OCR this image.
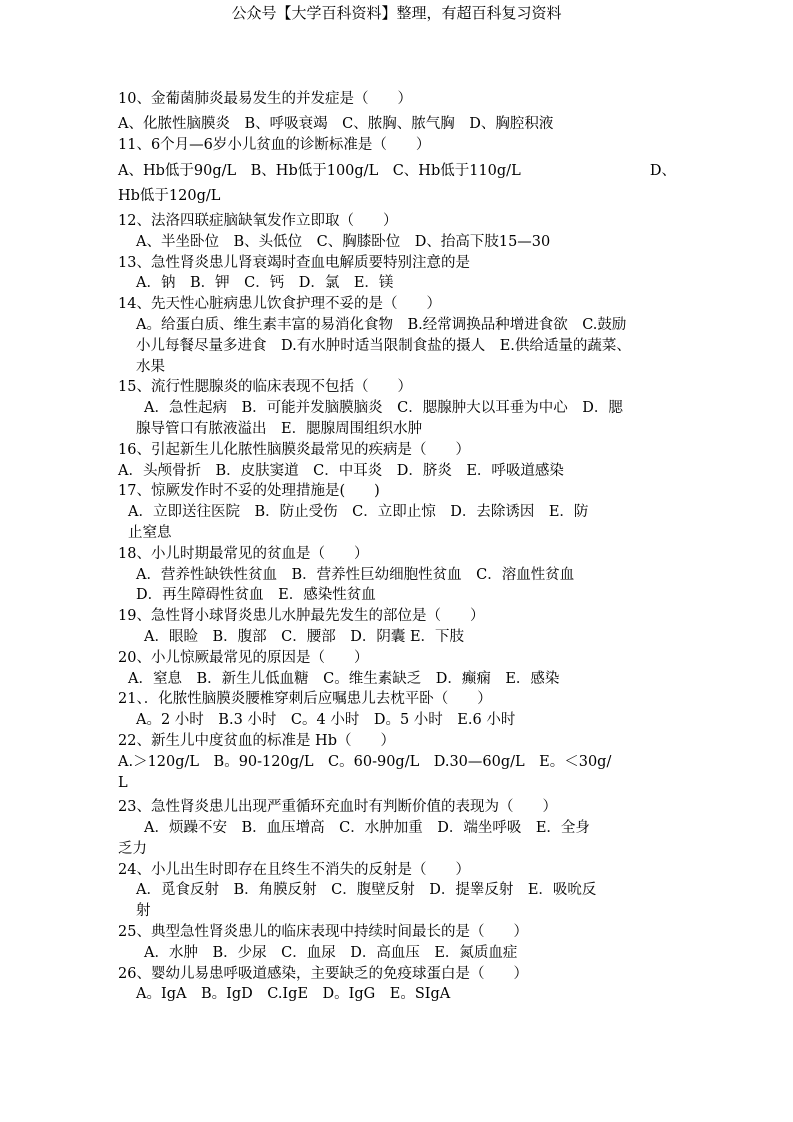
公众号【大学百科资料】整理，有超百科复习资料
10、金葡菌肺炎最易发生的并发症是（　　）
A、化脓性脑膜炎　B、呼吸衰竭　C、脓胸、脓气胸　D、胸腔积液
11、6个月—6岁小儿贫血的诊断标准是（　　）
A、Hb低于90g/L　B、Hb低于100g/L　C、Hb低于110g/L	D、
Hb低于120g/L
12、法洛四联症脑缺氧发作立即取（　　）
A、半坐卧位　B、头低位　C、胸膝卧位　D、抬高下肢15—30
13、急性肾炎患儿肾衰竭时查血电解质要特别注意的是
A．钠　B．钾　C．钙　D．氯　E．镁
14、先天性心脏病患儿饮食护理不妥的是（　　）
A。给蛋白质、维生素丰富的易消化食物　B.经常调换品种增进食欲　C.鼓励
小儿每餐尽量多进食　D.有水肿时适当限制食盐的摄人　E.供给适量的蔬菜、
水果
15、流行性腮腺炎的临床表现不包括（　　）
A．急性起病　B．可能并发脑膜脑炎　C．腮腺肿大以耳垂为中心　D．腮
腺导管口有脓液溢出　E．腮腺周围组织水肿
16、引起新生儿化脓性脑膜炎最常见的疾病是（　　）
A．头颅骨折　B．皮肤窦道　C．中耳炎　D．脐炎　E．呼吸道感染
17、惊厥发作时不妥的处理措施是(　　)
A．立即送往医院　B．防止受伤　C．立即止惊　D．去除诱因　E．防
止窒息
18、小儿时期最常见的贫血是（　　）
A．营养性缺铁性贫血　B．营养性巨幼细胞性贫血　C．溶血性贫血
D．再生障碍性贫血　E．感染性贫血
19、急性肾小球肾炎患儿水肿最先发生的部位是（　　）
A．眼睑　B．腹部　C．腰部　D．阴囊 E．下肢
20、小儿惊厥最常见的原因是（　　）
A．窒息　B．新生儿低血糖　C。维生素缺乏　D．癫痫　E．感染
21、．化脓性脑膜炎腰椎穿刺后应嘱患儿去枕平卧（　　）
A。2 小时　B.3 小时　C。4 小时　D。5 小时　E.6 小时
22、新生儿中度贫血的标准是 Hb（　　）
A.＞120g/L　B。90-120g/L　C。60-90g/L　D.30—60g/L　E。＜30g/
L
23、急性肾炎患儿出现严重循环充血时有判断价值的表现为（　　）
A．烦躁不安　B．血压增高　C．水肿加重　D．端坐呼吸　E．全身
乏力
24、小儿出生时即存在且终生不消失的反射是（　　）
A．觅食反射　B．角膜反射　C．腹壁反射　D．提睾反射　E．吸吮反
射
25、典型急性肾炎患儿的临床表现中持续时间最长的是（　　）
A．水肿　B．少尿　C．血尿　D．高血压　E．氮质血症
26、婴幼儿易患呼吸道感染，主要缺乏的免疫球蛋白是（　　）
A。IgA　B。IgD　C.IgE　D。IgG　E。SIgA
